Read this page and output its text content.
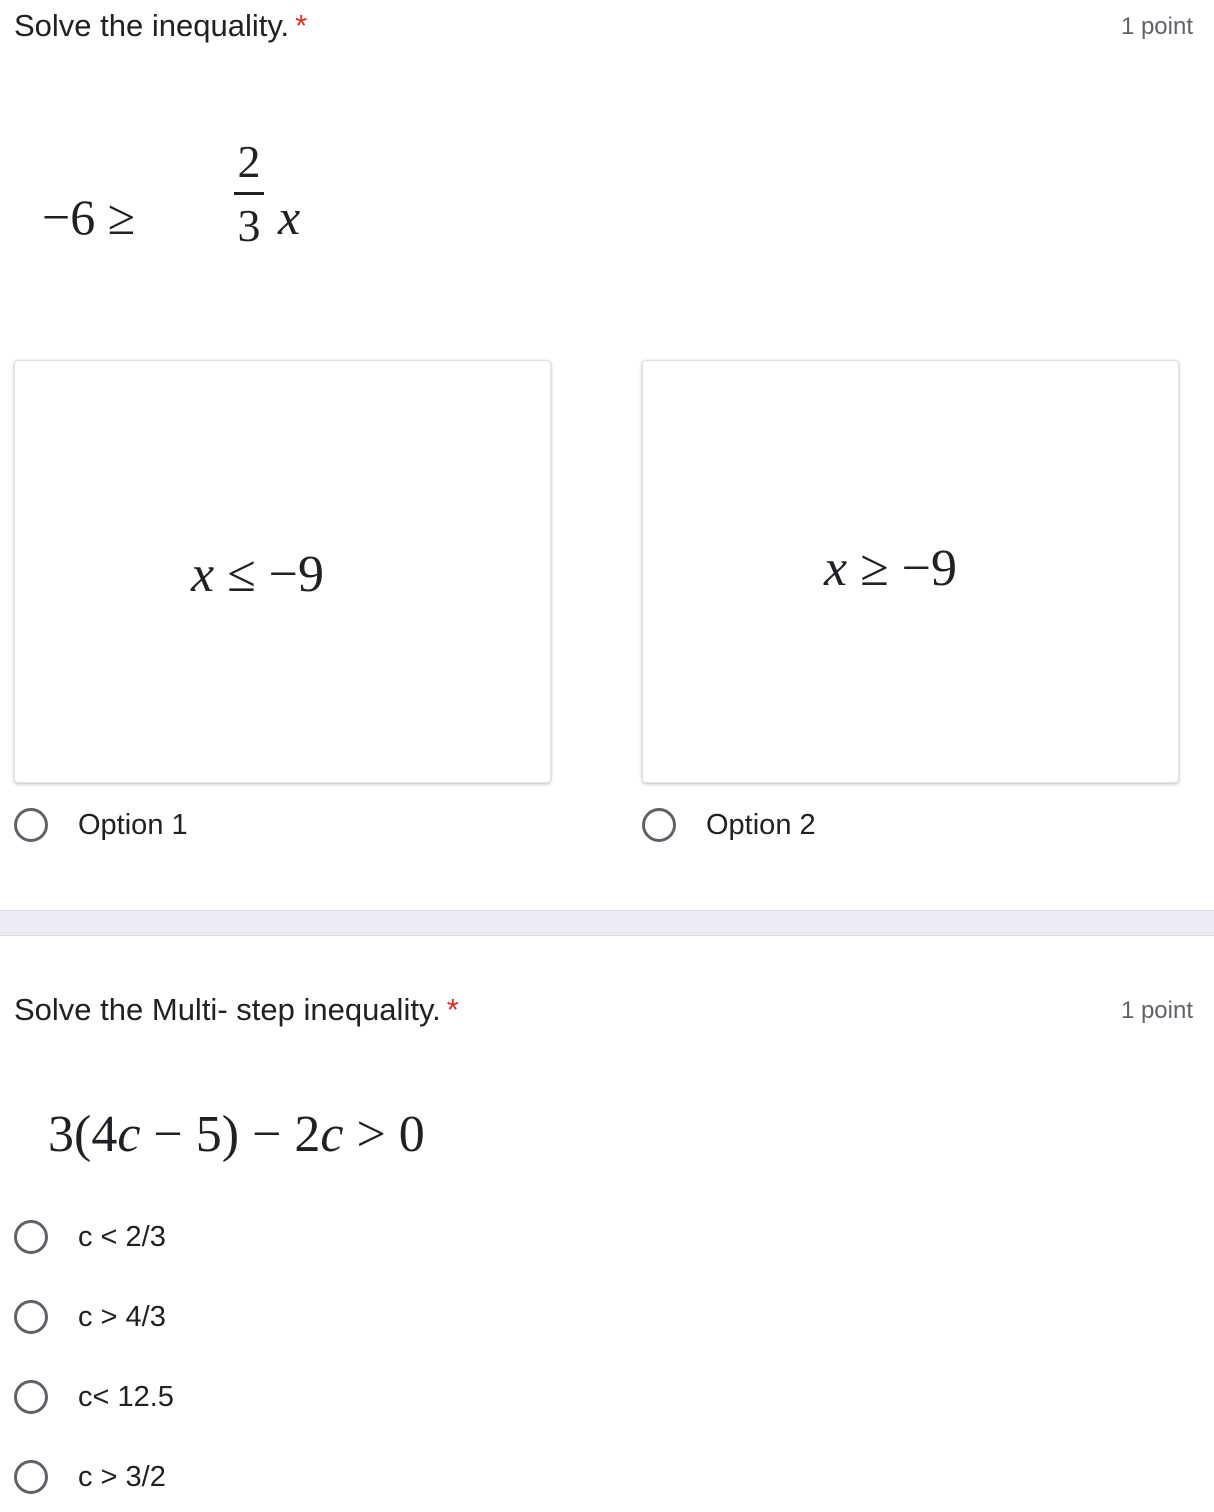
Solve the inequality. *	1 point
−6 ≥
2
3 x
x ≤ −9	x ≥ −9
Option 1	Option 2
Solve the Multi- step inequality. *	1 point
3(4c − 5) − 2c > 0
c < 2/3
c > 4/3
c< 12.5
c > 3/2
